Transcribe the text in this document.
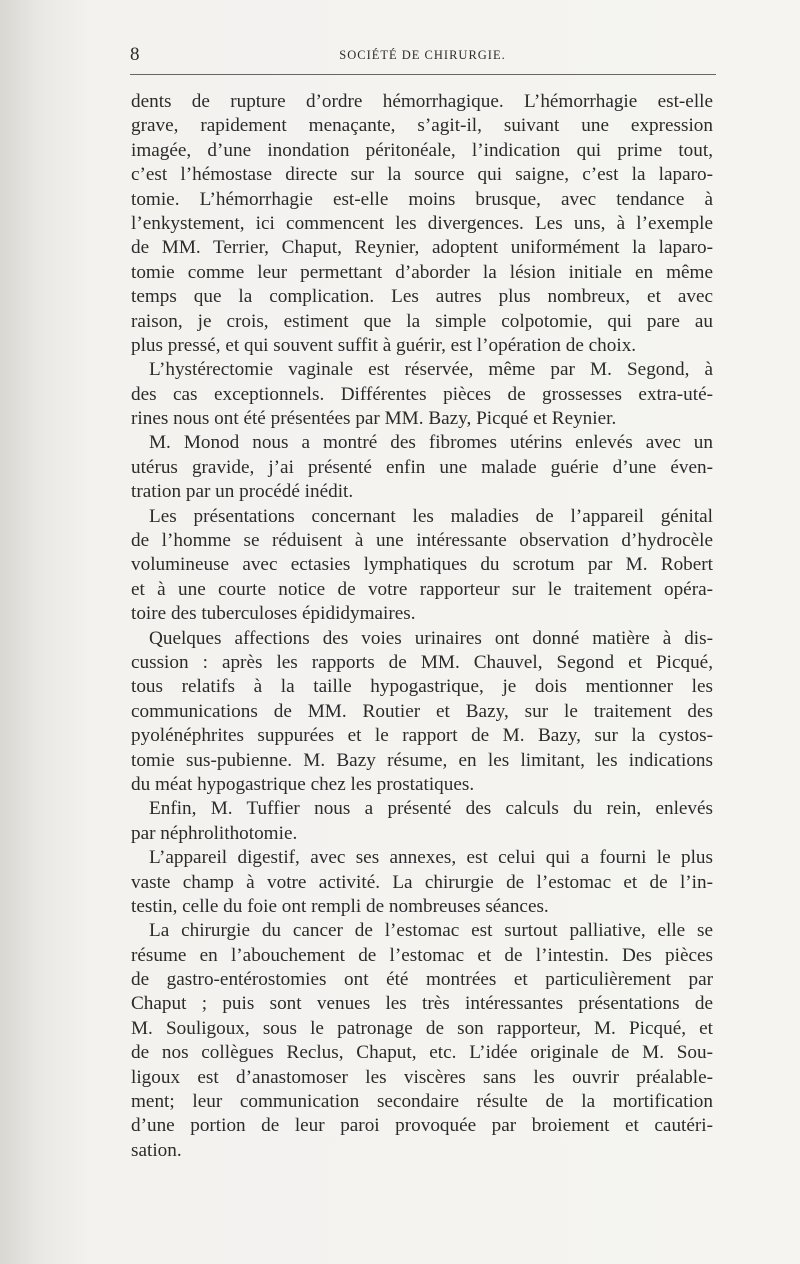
8	SOCIÉTÉ DE CHIRURGIE.
dents de rupture d’ordre hémorrhagique. L’hémorrhagie est-elle
grave, rapidement menaçante, s’agit-il, suivant une expression
imagée, d’une inondation péritonéale, l’indication qui prime tout,
c’est l’hémostase directe sur la source qui saigne, c’est la laparo-
tomie. L’hémorrhagie est-elle moins brusque, avec tendance à
l’enkystement, ici commencent les divergences. Les uns, à l’exemple
de MM. Terrier, Chaput, Reynier, adoptent uniformément la laparo-
tomie comme leur permettant d’aborder la lésion initiale en même
temps que la complication. Les autres plus nombreux, et avec
raison, je crois, estiment que la simple colpotomie, qui pare au
plus pressé, et qui souvent suffit à guérir, est l’opération de choix.
L’hystérectomie vaginale est réservée, même par M. Segond, à
des cas exceptionnels. Différentes pièces de grossesses extra-uté-
rines nous ont été présentées par MM. Bazy, Picqué et Reynier.
M. Monod nous a montré des fibromes utérins enlevés avec un
utérus gravide, j’ai présenté enfin une malade guérie d’une éven-
tration par un procédé inédit.
Les présentations concernant les maladies de l’appareil génital
de l’homme se réduisent à une intéressante observation d’hydrocèle
volumineuse avec ectasies lymphatiques du scrotum par M. Robert
et à une courte notice de votre rapporteur sur le traitement opéra-
toire des tuberculoses épididymaires.
Quelques affections des voies urinaires ont donné matière à dis-
cussion : après les rapports de MM. Chauvel, Segond et Picqué,
tous relatifs à la taille hypogastrique, je dois mentionner les
communications de MM. Routier et Bazy, sur le traitement des
pyolénéphrites suppurées et le rapport de M. Bazy, sur la cystos-
tomie sus-pubienne. M. Bazy résume, en les limitant, les indications
du méat hypogastrique chez les prostatiques.
Enfin, M. Tuffier nous a présenté des calculs du rein, enlevés
par néphrolithotomie.
L’appareil digestif, avec ses annexes, est celui qui a fourni le plus
vaste champ à votre activité. La chirurgie de l’estomac et de l’in-
testin, celle du foie ont rempli de nombreuses séances.
La chirurgie du cancer de l’estomac est surtout palliative, elle se
résume en l’abouchement de l’estomac et de l’intestin. Des pièces
de gastro-entérostomies ont été montrées et particulièrement par
Chaput ; puis sont venues les très intéressantes présentations de
M. Souligoux, sous le patronage de son rapporteur, M. Picqué, et
de nos collègues Reclus, Chaput, etc. L’idée originale de M. Sou-
ligoux est d’anastomoser les viscères sans les ouvrir préalable-
ment; leur communication secondaire résulte de la mortification
d’une portion de leur paroi provoquée par broiement et cautéri-
sation.
